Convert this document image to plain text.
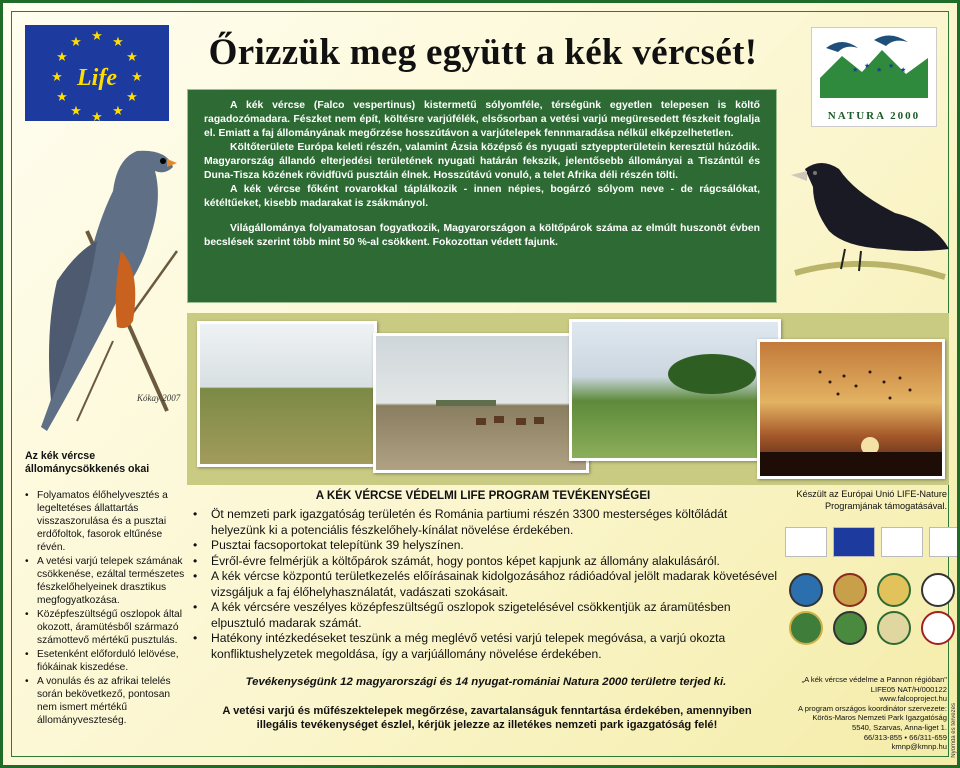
★ ★
★
★
★
★
★
★
★
★
★
★
Life
Őrizzük meg együtt a kék vércsét!	★
★
★
★
★
NATURA 2000
Kókay 2007

A kék vércse (Falco vespertinus) kistermetű sólyomféle, térségünk egyetlen telepesen is költő ragadozómadara. Fészket nem épít, költésre varjúfélék, elsősorban a vetési varjú megüresedett fészkeit foglalja el. Emiatt a faj állományának megőrzése hosszútávon a varjútelepek fennmaradása nélkül elképzelhetetlen.

Költőterülete Európa keleti részén, valamint Ázsia középső és nyugati sztyeppterületein keresztül húzódik. Magyarország állandó elterjedési területének nyugati határán fekszik, jelentősebb állományai a Tiszántúl és Duna-Tisza közének rövidfüvű pusztáin élnek. Hosszútávú vonuló, a telet Afrika déli részén tölti.

A kék vércse főként rovarokkal táplálkozik - innen népies, bogárzó sólyom neve - de rágcsálókat, kétéltűeket, kisebb madarakat is zsákmányol.

Világállománya folyamatosan fogyatkozik, Magyarországon a költőpárok száma az elmúlt huszonöt évben becslések szerint több mint 50 %-al csökkent. Fokozottan védett fajunk.

Az kék vércse állománycsökkenés okai
• Folyamatos élőhelyvesztés a legeltetéses állattartás visszaszorulása és a pusztai erdőfoltok, fasorok eltűnése révén.
• A vetési varjú telepek számának csökkenése, ezáltal természetes fészkelőhelyeinek drasztikus megfogyatkozása.
• Középfeszültségű oszlopok által okozott, áramütésből származó számottevő mértékű pusztulás.
• Esetenként előforduló lelövése, fiókáinak kiszedése.
• A vonulás és az afrikai telelés során bekövetkező, pontosan nem ismert mértékű állományveszteség.
A KÉK VÉRCSE VÉDELMI LIFE PROGRAM TEVÉKENYSÉGEI
• Öt nemzeti park igazgatóság területén és Románia partiumi részén 3300 mesterséges költőládát helyezünk ki a potenciális fészkelőhely-kínálat növelése érdekében.
• Pusztai facsoportokat telepítünk 39 helyszínen.
• Évről-évre felmérjük a költőpárok számát, hogy pontos képet kapjunk az állomány alakulásáról.
• A kék vércse központú területkezelés előírásainak kidolgozásához rádióadóval jelölt madarak követésével vizsgáljuk a faj élőhelyhasználatát, vadászati szokásait.
• A kék vércsére veszélyes középfeszültségű oszlopok szigetelésével csökkentjük az áramütésben elpusztuló madarak számát.
• Hatékony intézkedéseket teszünk a még meglévő vetési varjú telepek megóvása, a varjú okozta konfliktushelyzetek megoldása, így a varjúállomány növelése érdekében.
Tevékenységünk 12 magyarországi és 14 nyugat-romániai Natura 2000 területre terjed ki.
A vetési varjú és műfészektelepek megőrzése, zavartalanságuk fenntartása érdekében, amennyiben illegális tevékenységet észlel, kérjük jelezze az illetékes nemzeti park igazgatóság felé!
Készült az Európai Unió LIFE-Nature Programjának támogatásával.
„A kék vércse védelme a Pannon régióban"
LIFE05 NAT/H/000122
www.falcoproject.hu
A program országos koordinátor szervezete:
Körös-Maros Nemzeti Park Igazgatóság
5540, Szarvas, Anna-liget 1.
66/313-855 • 66/311-659
kmnp@kmnp.hu Nyomda és tervezés
